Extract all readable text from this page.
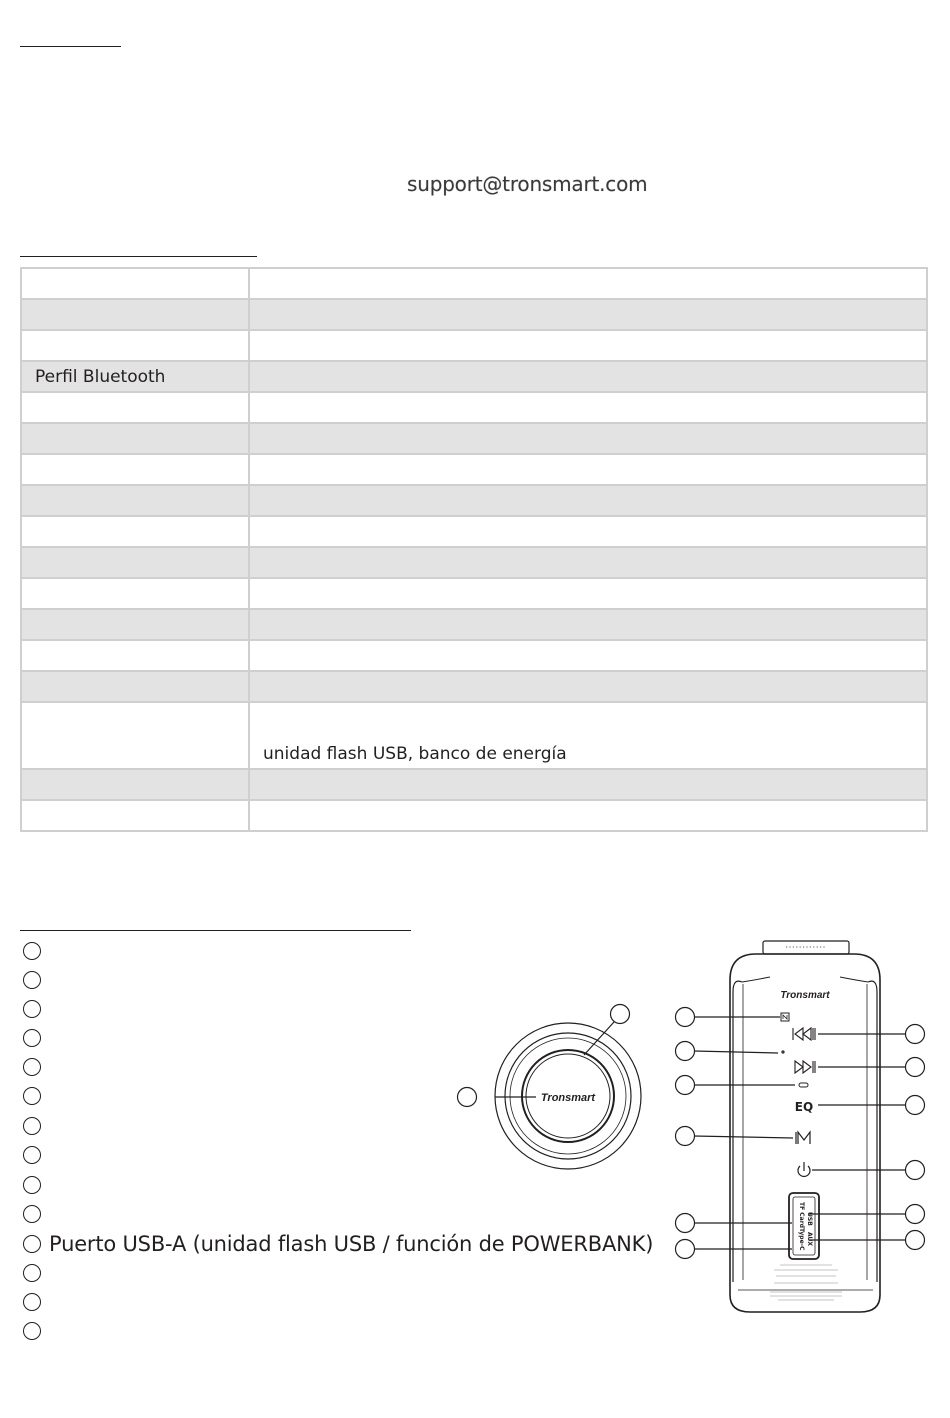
support@tronsmart.com

Perfil Bluetooth	

	unidad flash USB, banco de energía

Puerto USB-A (unidad flash USB / función de POWERBANK)
Tronsmart
Tronsmart
EQ
USB
TF Card
AUX
Type-C
